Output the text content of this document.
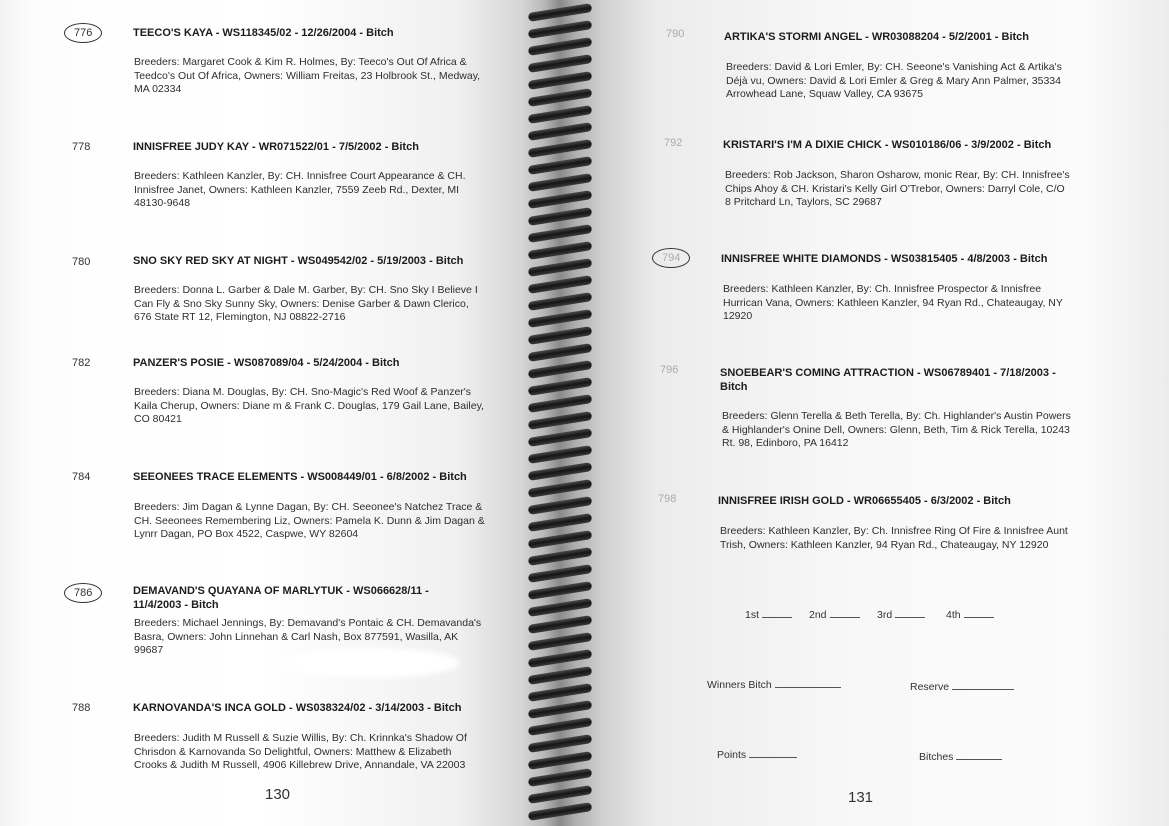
776	TEECO'S KAYA - WS118345/02 - 12/26/2004 - Bitch
Breeders: Margaret Cook & Kim R. Holmes, By: Teeco's Out Of Africa & Teedco's Out Of Africa, Owners: William Freitas, 23 Holbrook St., Medway, MA 02334
778	INNISFREE JUDY KAY - WR071522/01 - 7/5/2002 - Bitch
Breeders: Kathleen Kanzler, By: CH. Innisfree Court Appearance & CH. Innisfree Janet, Owners: Kathleen Kanzler, 7559 Zeeb Rd., Dexter, MI 48130-9648
780	SNO SKY RED SKY AT NIGHT - WS049542/02 - 5/19/2003 - Bitch
Breeders: Donna L. Garber & Dale M. Garber, By: CH. Sno Sky I Believe I Can Fly & Sno Sky Sunny Sky, Owners: Denise Garber & Dawn Clerico, 676 State RT 12, Flemington, NJ 08822-2716
782	PANZER'S POSIE - WS087089/04 - 5/24/2004 - Bitch
Breeders: Diana M. Douglas, By: CH. Sno-Magic's Red Woof & Panzer's Kaila Cherup, Owners: Diane m & Frank C. Douglas, 179 Gail Lane, Bailey, CO 80421
784	SEEONEES TRACE ELEMENTS - WS008449/01 - 6/8/2002 - Bitch
Breeders: Jim Dagan & Lynne Dagan, By: CH. Seeonee's Natchez Trace & CH. Seeonees Remembering Liz, Owners: Pamela K. Dunn & Jim Dagan & Lynrr Dagan, PO Box 4522, Caspwe, WY 82604
786	DEMAVAND'S QUAYANA OF MARLYTUK - WS066628/11 - 11/4/2003 - Bitch
Breeders: Michael Jennings, By: Demavand's Pontaic & CH. Demavanda's Basra, Owners: John Linnehan & Carl Nash, Box 877591, Wasilla, AK 99687
788	KARNOVANDA'S INCA GOLD - WS038324/02 - 3/14/2003 - Bitch
Breeders: Judith M Russell & Suzie Willis, By: Ch. Krinnka's Shadow Of Chrisdon & Karnovanda So Delightful, Owners: Matthew & Elizabeth Crooks & Judith M Russell, 4906 Killebrew Drive, Annandale, VA 22003
130
790	ARTIKA'S STORMI ANGEL - WR03088204 - 5/2/2001 - Bitch
Breeders: David & Lori Emler, By: CH. Seeone's Vanishing Act & Artika's Déjà vu, Owners: David & Lori Emler & Greg & Mary Ann Palmer, 35334 Arrowhead Lane, Squaw Valley, CA 93675
792	KRISTARI'S I'M A DIXIE CHICK - WS010186/06 - 3/9/2002 - Bitch
Breeders: Rob Jackson, Sharon Osharow, monic Rear, By: CH. Innisfree's Chips Ahoy & CH. Kristari's Kelly Girl O'Trebor, Owners: Darryl Cole, C/O 8 Pritchard Ln, Taylors, SC 29687
794	INNISFREE WHITE DIAMONDS - WS03815405 - 4/8/2003 - Bitch
Breeders: Kathleen Kanzler, By: Ch. Innisfree Prospector & Innisfree Hurrican Vana, Owners: Kathleen Kanzler, 94 Ryan Rd., Chateaugay, NY 12920
796	SNOEBEAR'S COMING ATTRACTION - WS06789401 - 7/18/2003 - Bitch
Breeders: Glenn Terella & Beth Terella, By: Ch. Highlander's Austin Powers & Highlander's Onine Dell, Owners: Glenn, Beth, Tim & Rick Terella, 10243 Rt. 98, Edinboro, PA 16412
798	INNISFREE IRISH GOLD - WR06655405 - 6/3/2002 - Bitch
Breeders: Kathleen Kanzler, By: Ch. Innisfree Ring Of Fire & Innisfree Aunt Trish, Owners: Kathleen Kanzler, 94 Ryan Rd., Chateaugay, NY 12920
1st	2nd	3rd	4th
Winners Bitch	Reserve
Points	Bitches
131
